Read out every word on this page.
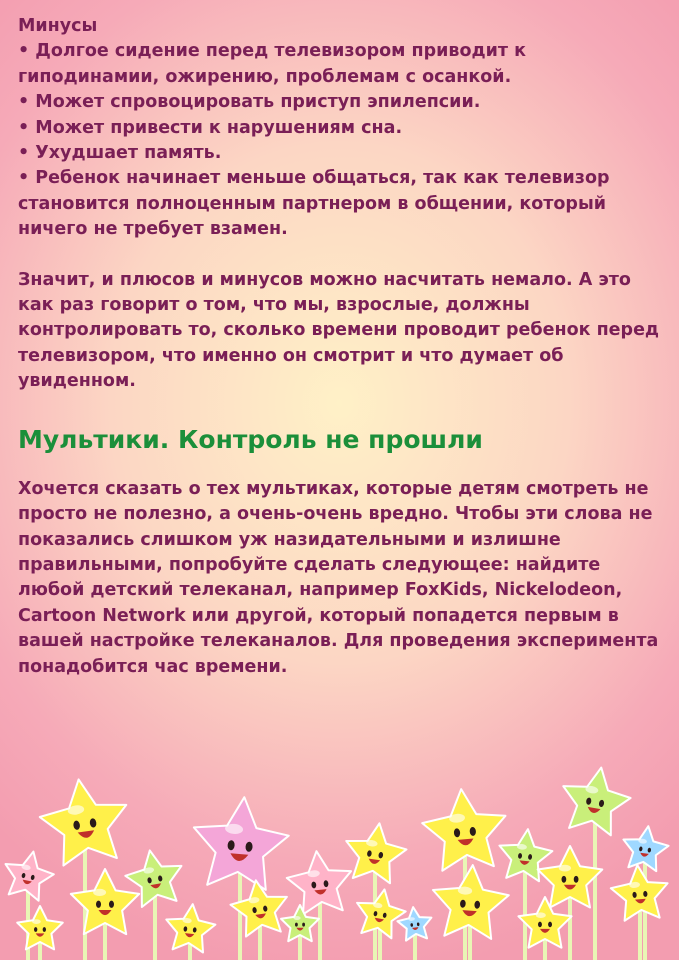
Минусы

• Долгое сидение перед телевизором приводит к гиподинамии, ожирению, проблемам с осанкой.
• Может спровоцировать приступ эпилепсии.
• Может привести к нарушениям сна.
• Ухудшает память.
• Ребенок начинает меньше общаться, так как телевизор становится полноценным партнером в общении, который ничего не требует взамен.

Значит, и плюсов и минусов можно насчитать немало. А это как раз говорит о том, что мы, взрослые, должны контролировать то, сколько времени проводит ребенок перед телевизором, что именно он смотрит и что думает об увиденном.

Мультики. Контроль не прошли

Хочется сказать о тех мультиках, которые детям смотреть не просто не полезно, а очень-очень вредно. Чтобы эти слова не показались слишком уж назидательными и излишне правильными, попробуйте сделать следующее: найдите любой детский телеканал, например FoxKids, Nickelodeon, Cartoon Network или другой, который попадется первым в вашей настройке телеканалов. Для проведения эксперимента понадобится час времени.
